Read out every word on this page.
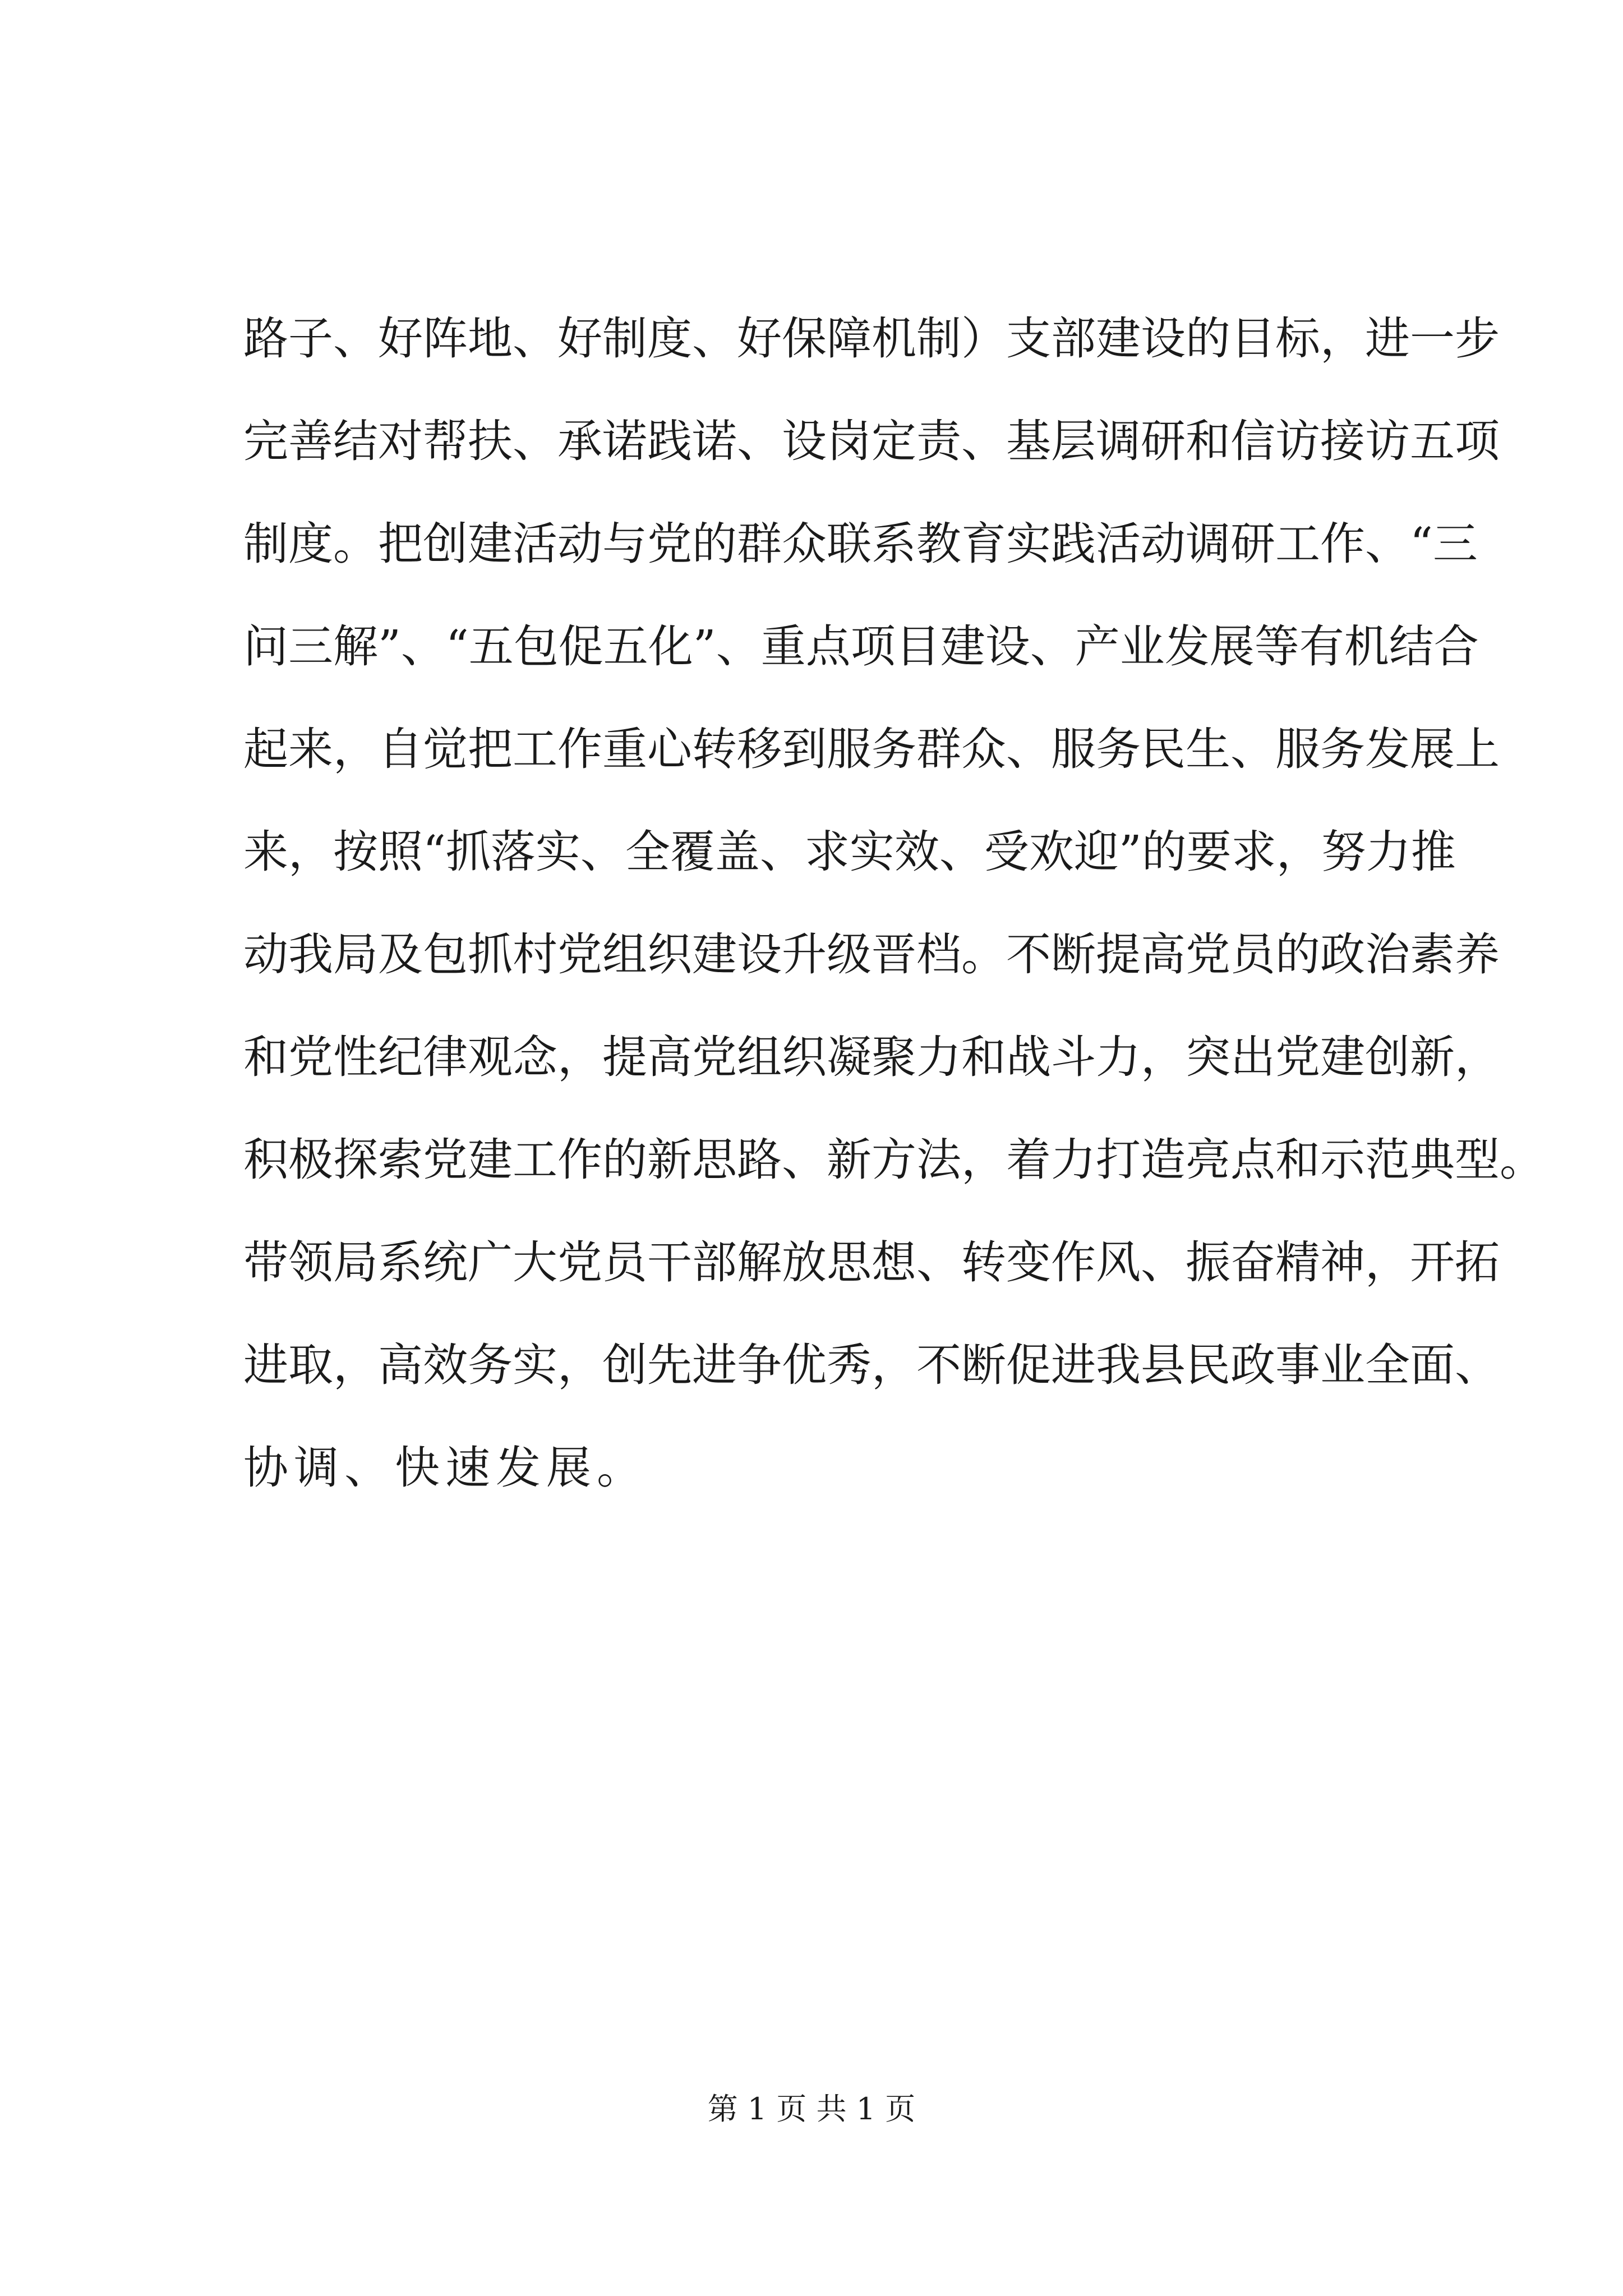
路子、好阵地、好制度、好保障机制）支部建设的目标，进一步
完善结对帮扶、承诺践诺、设岗定责、基层调研和信访接访五项
制度。把创建活动与党的群众联系教育实践活动调研工作、“三
问三解”、“五包促五化”、重点项目建设、产业发展等有机结合
起来，自觉把工作重心转移到服务群众、服务民生、服务发展上
来，按照“抓落实、全覆盖、求实效、受欢迎”的要求，努力推
动我局及包抓村党组织建设升级晋档。不断提高党员的政治素养
和党性纪律观念，提高党组织凝聚力和战斗力，突出党建创新，
积极探索党建工作的新思路、新方法，着力打造亮点和示范典型。
带领局系统广大党员干部解放思想、转变作风、振奋精神，开拓
进取，高效务实，创先进争优秀，不断促进我县民政事业全面、
协调、快速发展。
第 1 页 共 1 页
